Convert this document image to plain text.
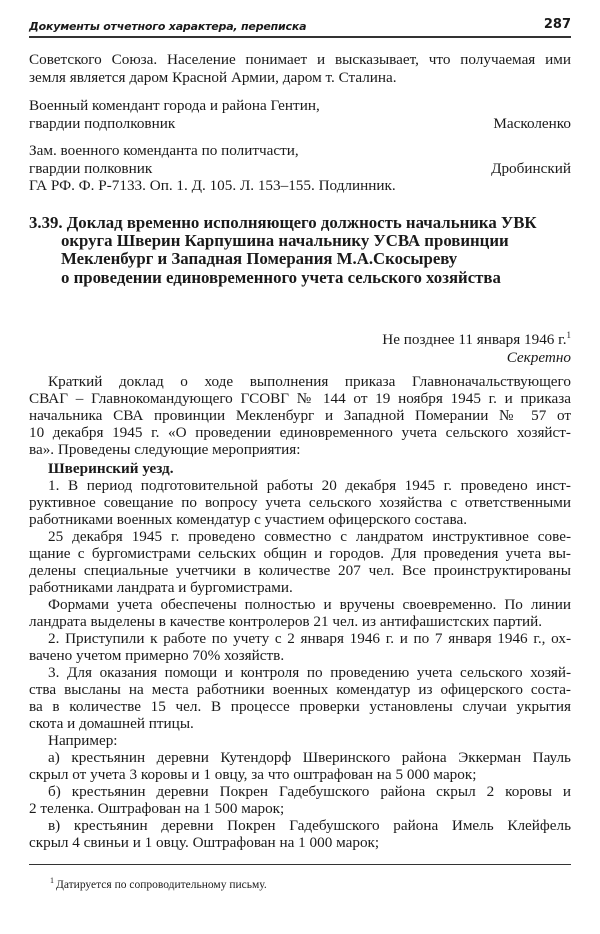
Документы отчетного характера, переписка	287
Советского Союза. Население понимает и высказывает, что получаемая ими
земля является даром Красной Армии, даром т. Сталина.
Военный комендант города и района Гентин,
гвардии подполковник	Масколенко
Зам. военного коменданта по политчасти,
гвардии полковник	Дробинский
ГА РФ. Ф. Р-7133. Оп. 1. Д. 105. Л. 153–155. Подлинник.
3.39. Доклад временно исполняющего должность начальника УВК
округа Шверин Карпушина начальнику УСВА провинции
Мекленбург и Западная Померания М.А.Скосыреву
о проведении единовременного учета сельского хозяйства
Не позднее 11 января 1946 г.$^1$
Секретно
Краткий доклад о ходе выполнения приказа Главноначальствующего
СВАГ – Главнокомандующего ГСОВГ № 144 от 19 ноября 1945 г. и приказа
начальника СВА провинции Мекленбург и Западной Померании № 57 от
10 декабря 1945 г. «О проведении единовременного учета сельского хозяйст-
ва». Проведены следующие мероприятия:
Шверинский уезд.
1. В период подготовительной работы 20 декабря 1945 г. проведено инст-
руктивное совещание по вопросу учета сельского хозяйства с ответственными
работниками военных комендатур с участием офицерского состава.
25 декабря 1945 г. проведено совместно с ландратом инструктивное сове-
щание с бургомистрами сельских общин и городов. Для проведения учета вы-
делены специальные учетчики в количестве 207 чел. Все проинструктированы
работниками ландрата и бургомистрами.
Формами учета обеспечены полностью и вручены своевременно. По линии
ландрата выделены в качестве контролеров 21 чел. из антифашистских партий.
2. Приступили к работе по учету с 2 января 1946 г. и по 7 января 1946 г., ох-
вачено учетом примерно 70% хозяйств.
3. Для оказания помощи и контроля по проведению учета сельского хозяй-
ства высланы на места работники военных комендатур из офицерского соста-
ва в количестве 15 чел. В процессе проверки установлены случаи укрытия
скота и домашней птицы.
Например:
а) крестьянин деревни Кутендорф Шверинского района Эккерман Пауль
скрыл от учета 3 коровы и 1 овцу, за что оштрафован на 5 000 марок;
б) крестьянин деревни Покрен Гадебушского района скрыл 2 коровы и
2 теленка. Оштрафован на 1 500 марок;
в) крестьянин деревни Покрен Гадебушского района Имель Клейфель
скрыл 4 свиньи и 1 овцу. Оштрафован на 1 000 марок;
$^1$ Датируется по сопроводительному письму.
